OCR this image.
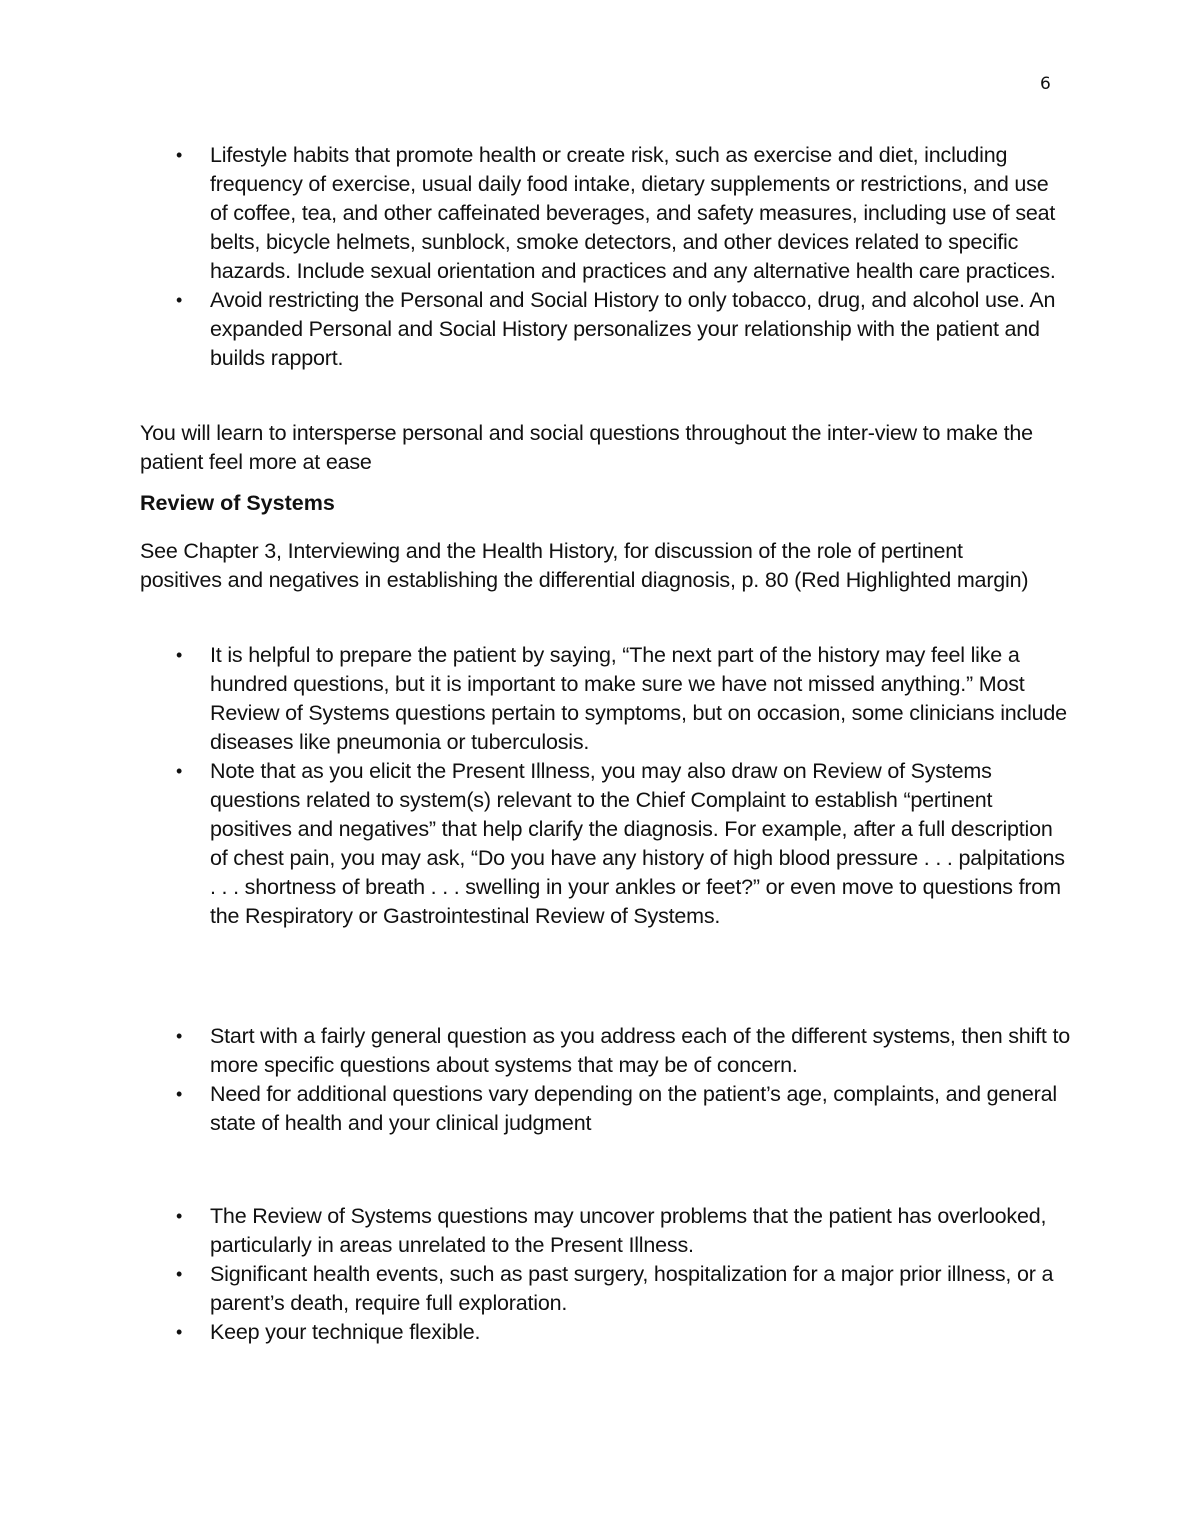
6
• Lifestyle habits that promote health or create risk, such as exercise and diet, including frequency of exercise, usual daily food intake, dietary supplements or restrictions, and use of coffee, tea, and other caffeinated beverages, and safety measures, including use of seat belts, bicycle helmets, sunblock, smoke detectors, and other devices related to specific hazards. Include sexual orientation and practices and any alternative health care practices.
• Avoid restricting the Personal and Social History to only tobacco, drug, and alcohol use. An expanded Personal and Social History personalizes your relationship with the patient and builds rapport.

You will learn to intersperse personal and social questions throughout the inter-view to make the patient feel more at ease

Review of Systems

See Chapter 3, Interviewing and the Health History, for discussion of the role of pertinent positives and negatives in establishing the differential diagnosis, p. 80 (Red Highlighted margin)

• It is helpful to prepare the patient by saying, “The next part of the history may feel like a hundred questions, but it is important to make sure we have not missed anything.” Most Review of Systems questions pertain to symptoms, but on occasion, some clinicians include diseases like pneumonia or tuberculosis.
• Note that as you elicit the Present Illness, you may also draw on Review of Systems questions related to system(s) relevant to the Chief Complaint to establish “pertinent positives and negatives” that help clarify the diagnosis. For example, after a full description of chest pain, you may ask, “Do you have any history of high blood pressure . . . palpitations . . . shortness of breath . . . swelling in your ankles or feet?” or even move to questions from the Respiratory or Gastrointestinal Review of Systems.
• Start with a fairly general question as you address each of the different systems, then shift to more specific questions about systems that may be of concern.
• Need for additional questions vary depending on the patient’s age, complaints, and general state of health and your clinical judgment
• The Review of Systems questions may uncover problems that the patient has overlooked, particularly in areas unrelated to the Present Illness.
• Significant health events, such as past surgery, hospitalization for a major prior illness, or a parent’s death, require full exploration.
• Keep your technique flexible.
